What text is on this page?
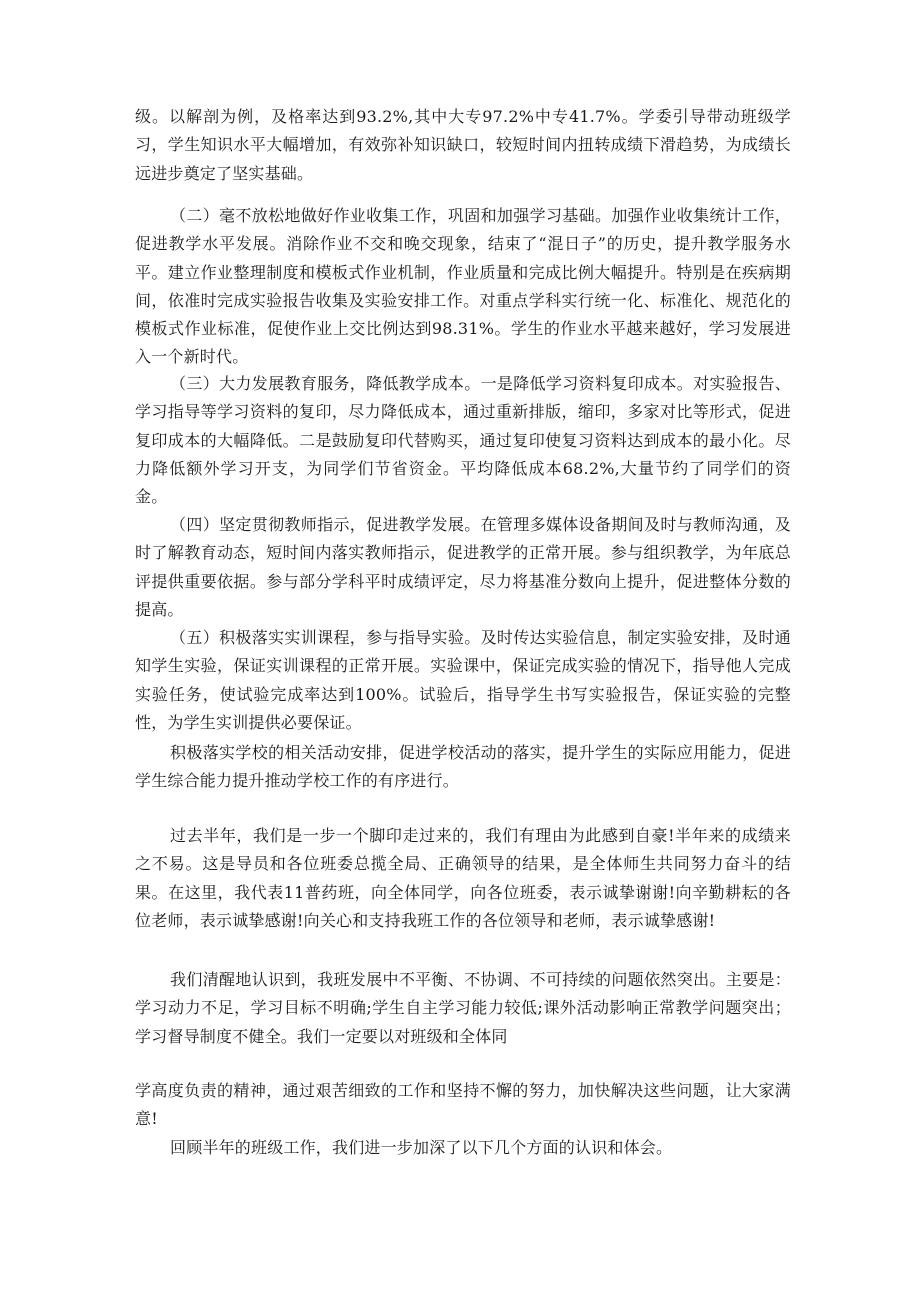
级。以解剖为例，及格率达到93.2%,其中大专97.2%中专41.7%。学委引导带动班级学习，学生知识水平大幅增加，有效弥补知识缺口，较短时间内扭转成绩下滑趋势，为成绩长远进步奠定了坚实基础。

（二）毫不放松地做好作业收集工作，巩固和加强学习基础。加强作业收集统计工作，促进教学水平发展。消除作业不交和晚交现象，结束了“混日子”的历史，提升教学服务水平。建立作业整理制度和模板式作业机制，作业质量和完成比例大幅提升。特别是在疾病期间，依准时完成实验报告收集及实验安排工作。对重点学科实行统一化、标准化、规范化的模板式作业标准，促使作业上交比例达到98.31%。学生的作业水平越来越好，学习发展进入一个新时代。

（三）大力发展教育服务，降低教学成本。一是降低学习资料复印成本。对实验报告、学习指导等学习资料的复印，尽力降低成本，通过重新排版，缩印，多家对比等形式，促进复印成本的大幅降低。二是鼓励复印代替购买，通过复印使复习资料达到成本的最小化。尽力降低额外学习开支，为同学们节省资金。平均降低成本68.2%,大量节约了同学们的资金。

（四）坚定贯彻教师指示，促进教学发展。在管理多媒体设备期间及时与教师沟通，及时了解教育动态，短时间内落实教师指示，促进教学的正常开展。参与组织教学，为年底总评提供重要依据。参与部分学科平时成绩评定，尽力将基准分数向上提升，促进整体分数的提高。

（五）积极落实实训课程，参与指导实验。及时传达实验信息，制定实验安排，及时通知学生实验，保证实训课程的正常开展。实验课中，保证完成实验的情况下，指导他人完成实验任务，使试验完成率达到100%。试验后，指导学生书写实验报告，保证实验的完整性，为学生实训提供必要保证。

积极落实学校的相关活动安排，促进学校活动的落实，提升学生的实际应用能力，促进学生综合能力提升推动学校工作的有序进行。

过去半年，我们是一步一个脚印走过来的，我们有理由为此感到自豪!半年来的成绩来之不易。这是导员和各位班委总揽全局、正确领导的结果，是全体师生共同努力奋斗的结果。在这里，我代表11普药班，向全体同学，向各位班委，表示诚挚谢谢!向辛勤耕耘的各位老师，表示诚挚感谢!向关心和支持我班工作的各位领导和老师，表示诚挚感谢!

我们清醒地认识到，我班发展中不平衡、不协调、不可持续的问题依然突出。主要是：学习动力不足，学习目标不明确;学生自主学习能力较低;课外活动影响正常教学问题突出；学习督导制度不健全。我们一定要以对班级和全体同

学高度负责的精神，通过艰苦细致的工作和坚持不懈的努力，加快解决这些问题，让大家满意!

回顾半年的班级工作，我们进一步加深了以下几个方面的认识和体会。
